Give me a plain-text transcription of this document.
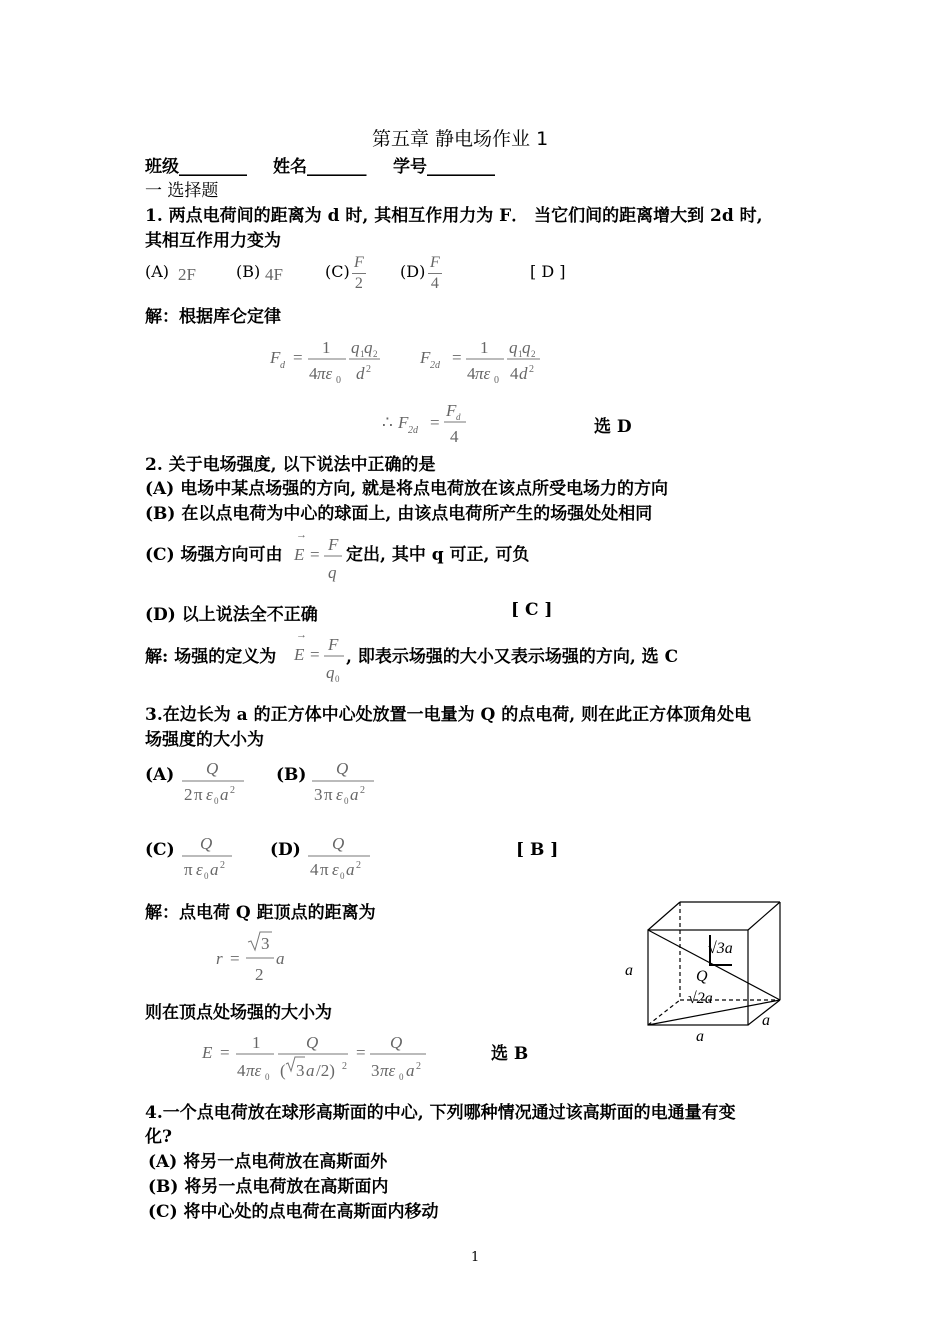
第五章 静电场作业 1
班级________ 姓名_______ 学号________
一 选择题
1. 两点电荷间的距离为 d 时, 其相互作用力为 F． 当它们间的距离增大到 2d 时,
其相互作用力变为
(A) 2F	(B) 4F	(C) F
2
(D) F
4
[ D ]
解：根据库仑定律
F d =
1
4 πε 0
q 1 q 2
d 2
F 2d =
1
4 πε 0
q 1 q 2
4 d 2
∴ F 2d =
F d
4	选 D
2. 关于电场强度, 以下说法中正确的是
(A) 电场中某点场强的方向, 就是将点电荷放在该点所受电场力的方向
(B) 在以点电荷为中心的球面上, 由该点电荷所产生的场强处处相同
(C) 场强方向可由
→
E =
F
q
定出, 其中 q 可正, 可负
(D) 以上说法全不正确	[ C ]
解: 场强的定义为
→
E =
F
q 0
, 即表示场强的大小又表示场强的方向, 选 C
3.在边长为 a 的正方体中心处放置一电量为 Q 的点电荷, 则在此正方体顶角处电
场强度的大小为
(A) Q
2 π ε 0 a 2
(B) Q
3 π ε 0 a 2
(C) Q
π ε 0 a 2
(D) Q
4 π ε 0 a 2
[ B ]
解：点电荷 Q 距顶点的距离为
r =
3
2
a
则在顶点处场强的大小为
E =
1
4 πε 0
Q
( 3 a /2) 2
=
Q
3 πε 0 a 2
选 B
√3a
Q
√2a
a
a
a
4.一个点电荷放在球形高斯面的中心, 下列哪种情况通过该高斯面的电通量有变
化?
(A) 将另一点电荷放在高斯面外
(B) 将另一点电荷放在高斯面内
(C) 将中心处的点电荷在高斯面内移动
1
